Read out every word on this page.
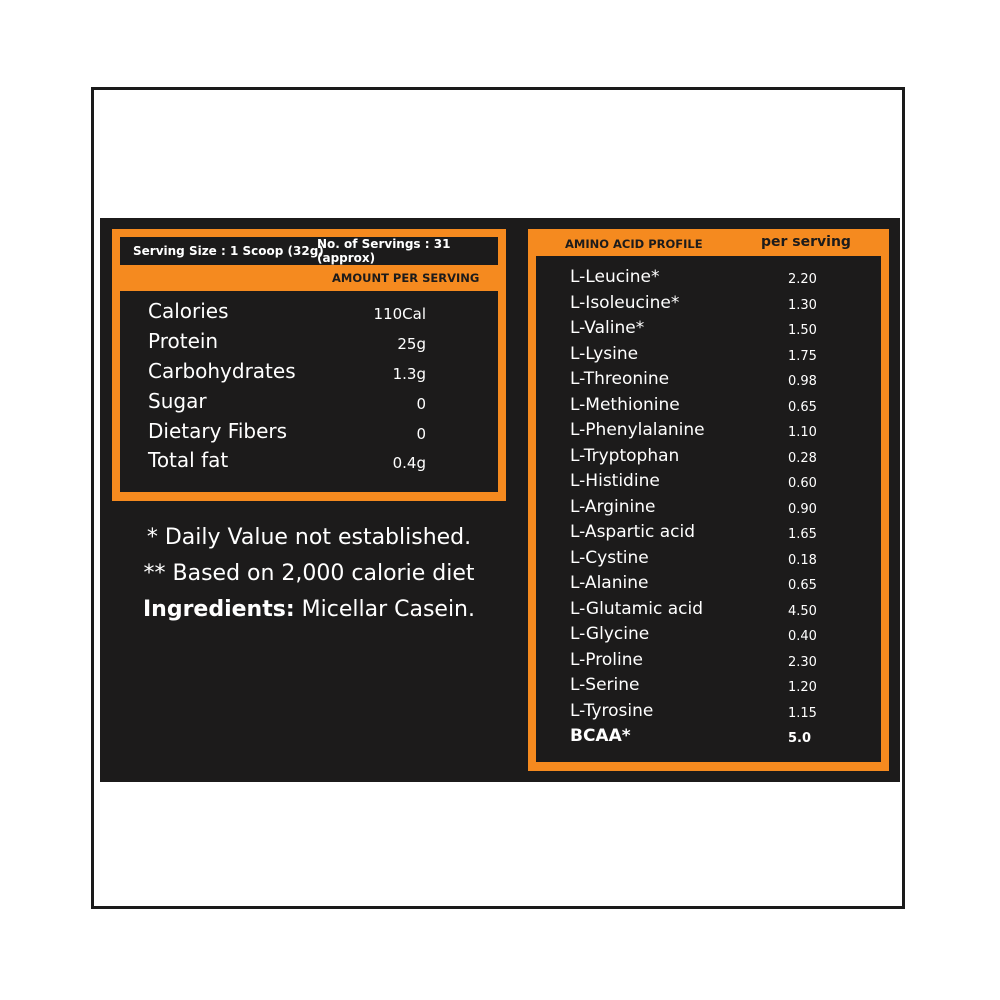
Serving Size : 1 Scoop (32g)
No. of Servings : 31 (approx)
AMOUNT PER SERVING
Calories	110Cal
Protein	25g
Carbohydrates	1.3g
Sugar	0
Dietary Fibers	0
Total fat	0.4g
* Daily Value not established.
** Based on 2,000 calorie diet
Ingredients: Micellar Casein.
AMINO ACID PROFILE	per serving
L-Leucine*	2.20
L-Isoleucine*	1.30
L-Valine*	1.50
L-Lysine	1.75
L-Threonine	0.98
L-Methionine	0.65
L-Phenylalanine	1.10
L-Tryptophan	0.28
L-Histidine	0.60
L-Arginine	0.90
L-Aspartic acid	1.65
L-Cystine	0.18
L-Alanine	0.65
L-Glutamic acid	4.50
L-Glycine	0.40
L-Proline	2.30
L-Serine	1.20
L-Tyrosine	1.15
BCAA*	5.0
